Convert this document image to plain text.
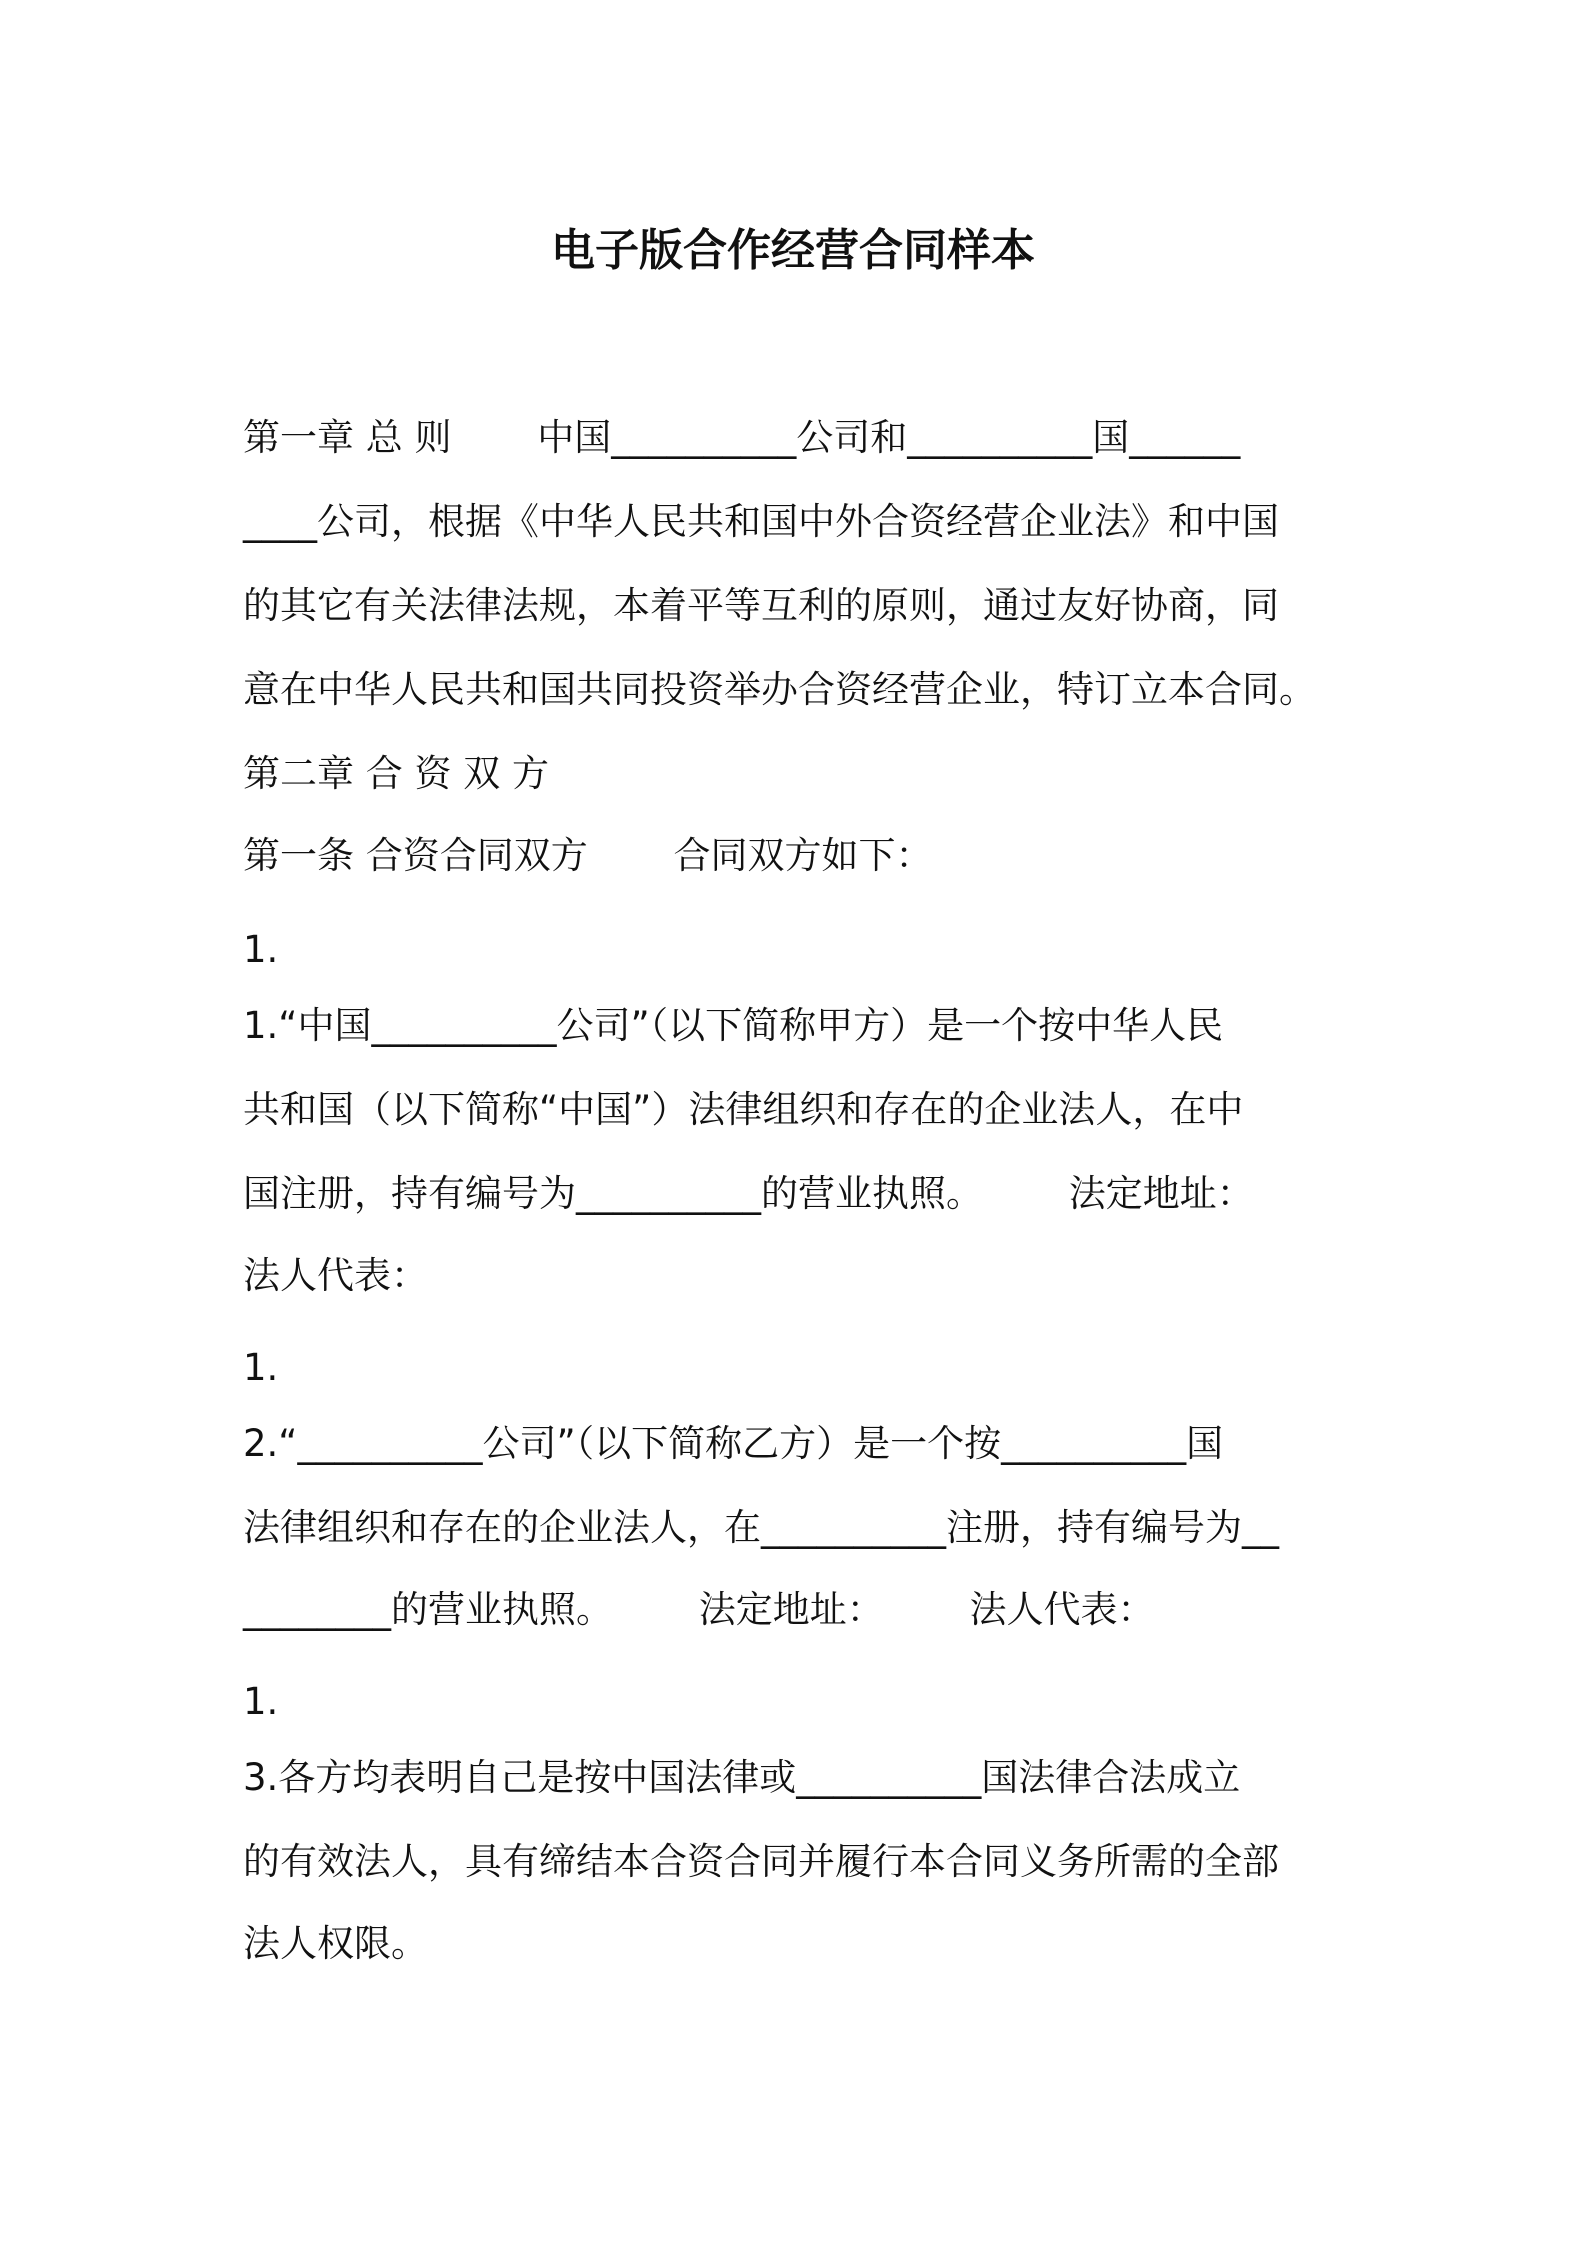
电子版合作经营合同样本
第一章 总 则 　　中国__________公司和__________国______
____公司，根据《中华人民共和国中外合资经营企业法》和中国
的其它有关法律法规，本着平等互利的原则，通过友好协商，同
意在中华人民共和国共同投资举办合资经营企业，特订立本合同。
第二章 合 资 双 方
第一条 合资合同双方 　　合同双方如下：
1.
1.“中国__________公司”（以下简称甲方）是一个按中华人民
共和国（以下简称“中国”）法律组织和存在的企业法人，在中
国注册，持有编号为__________的营业执照。 　　法定地址：
法人代表：
1.
2.“__________公司”（以下简称乙方）是一个按__________国
法律组织和存在的企业法人，在__________注册，持有编号为__
________的营业执照。 　　法定地址： 　　法人代表：
1.
3.各方均表明自己是按中国法律或__________国法律合法成立
的有效法人，具有缔结本合资合同并履行本合同义务所需的全部
法人权限。
